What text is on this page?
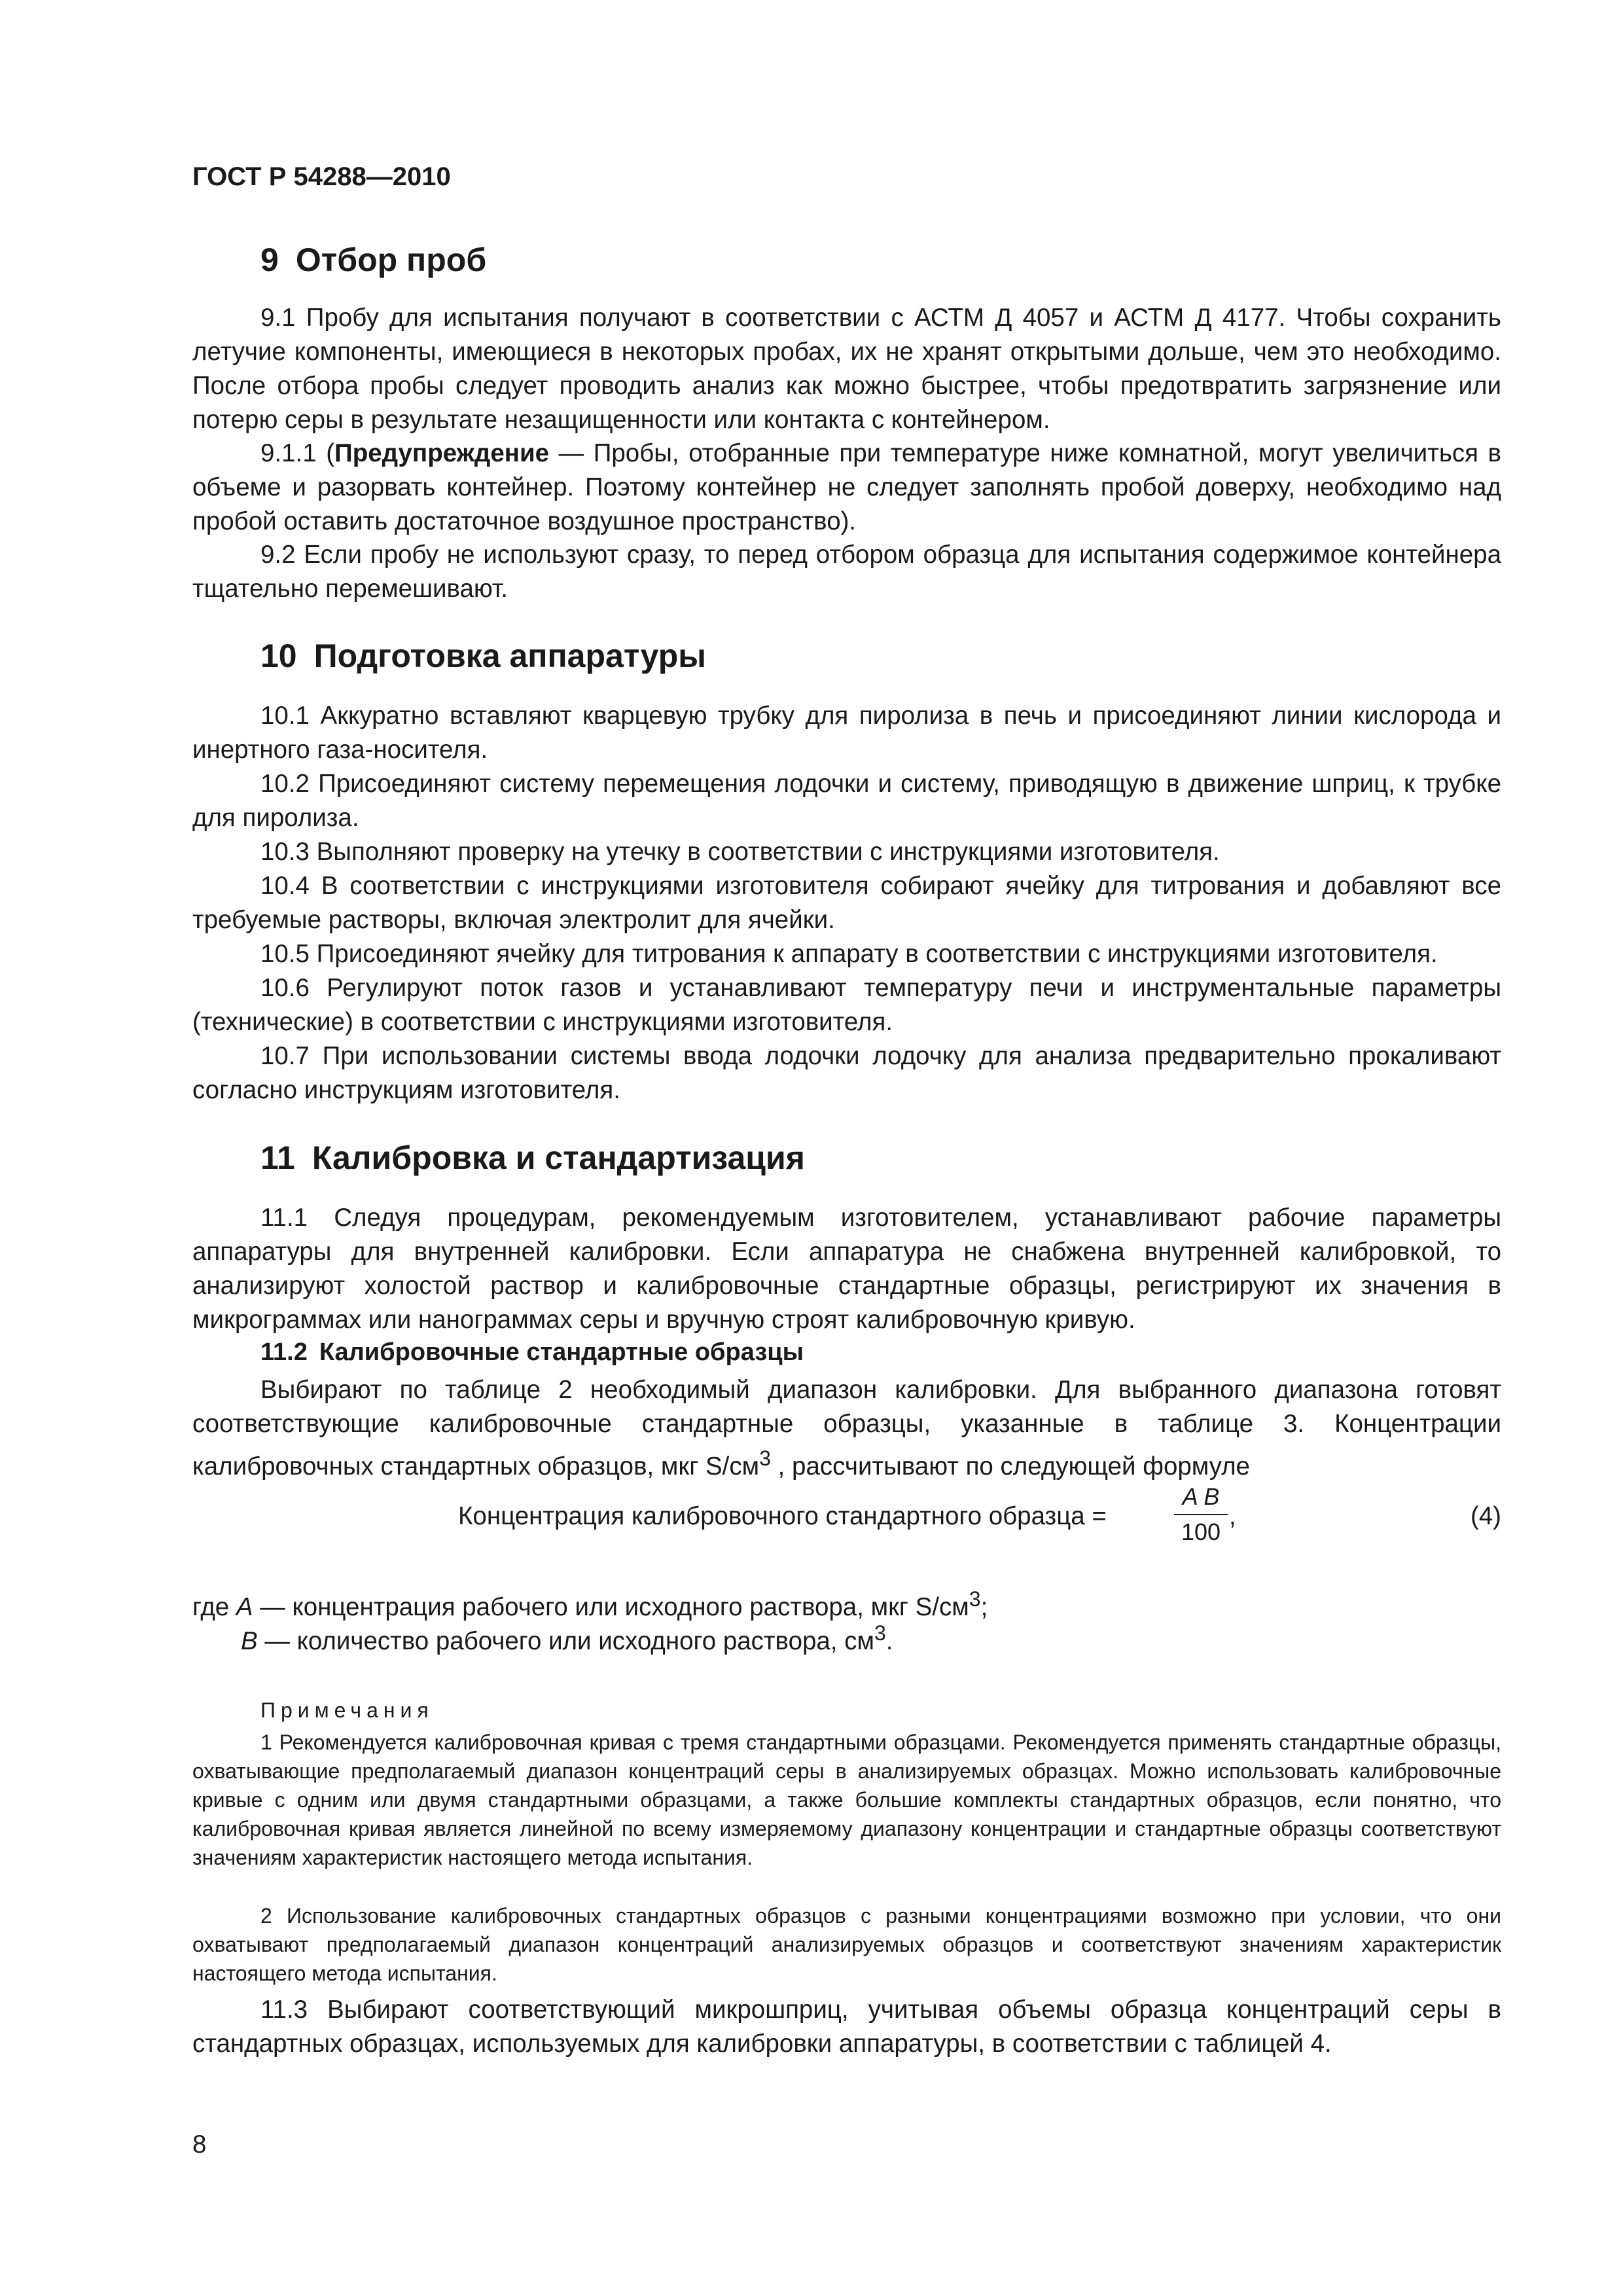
ГОСТ Р 54288—2010
9 Отбор проб

9.1 Пробу для испытания получают в соответствии с АСТМ Д 4057 и АСТМ Д 4177. Чтобы сохранить летучие компоненты, имеющиеся в некоторых пробах, их не хранят открытыми дольше, чем это необходимо. После отбора пробы следует проводить анализ как можно быстрее, чтобы предотвратить загрязнение или потерю серы в результате незащищенности или контакта с контейнером.

9.1.1 (Предупреждение — Пробы, отобранные при температуре ниже комнатной, могут увеличиться в объеме и разорвать контейнер. Поэтому контейнер не следует заполнять пробой доверху, необходимо над пробой оставить достаточное воздушное пространство).

9.2 Если пробу не используют сразу, то перед отбором образца для испытания содержимое контейнера тщательно перемешивают.

10 Подготовка аппаратуры

10.1 Аккуратно вставляют кварцевую трубку для пиролиза в печь и присоединяют линии кислорода и инертного газа-носителя.

10.2 Присоединяют систему перемещения лодочки и систему, приводящую в движение шприц, к трубке для пиролиза.

10.3 Выполняют проверку на утечку в соответствии с инструкциями изготовителя.

10.4 В соответствии с инструкциями изготовителя собирают ячейку для титрования и добавляют все требуемые растворы, включая электролит для ячейки.

10.5 Присоединяют ячейку для титрования к аппарату в соответствии с инструкциями изготовителя.

10.6 Регулируют поток газов и устанавливают температуру печи и инструментальные параметры (технические) в соответствии с инструкциями изготовителя.

10.7 При использовании системы ввода лодочки лодочку для анализа предварительно прокаливают согласно инструкциям изготовителя.

11 Калибровка и стандартизация

11.1 Следуя процедурам, рекомендуемым изготовителем, устанавливают рабочие параметры аппаратуры для внутренней калибровки. Если аппаратура не снабжена внутренней калибровкой, то анализируют холостой раствор и калибровочные стандартные образцы, регистрируют их значения в микрограммах или нанограммах серы и вручную строят калибровочную кривую.

11.2 Калибровочные стандартные образцы

Выбирают по таблице 2 необходимый диапазон калибровки. Для выбранного диапазона готовят соответствующие калибровочные стандартные образцы, указанные в таблице 3. Концентрации калибровочных стандартных образцов, мкг $S/см^3$ , рассчитывают по следующей формуле

Концентрация калибровочного стандартного образца =
A B
100
,	(4)
где A — концентрация рабочего или исходного раствора, мкг $S/см^3$;
B — количество рабочего или исходного раствора, $см^3$.
Примечания

1 Рекомендуется калибровочная кривая с тремя стандартными образцами. Рекомендуется применять стандартные образцы, охватывающие предполагаемый диапазон концентраций серы в анализируемых образцах. Можно использовать калибровочные кривые с одним или двумя стандартными образцами, а также большие комплекты стандартных образцов, если понятно, что калибровочная кривая является линейной по всему измеряемому диапазону концентрации и стандартные образцы соответствуют значениям характеристик настоящего метода испытания.

2 Использование калибровочных стандартных образцов с разными концентрациями возможно при условии, что они охватывают предполагаемый диапазон концентраций анализируемых образцов и соответствуют значениям характеристик настоящего метода испытания.

11.3 Выбирают соответствующий микрошприц, учитывая объемы образца концентраций серы в стандартных образцах, используемых для калибровки аппаратуры, в соответствии с таблицей 4.

8
